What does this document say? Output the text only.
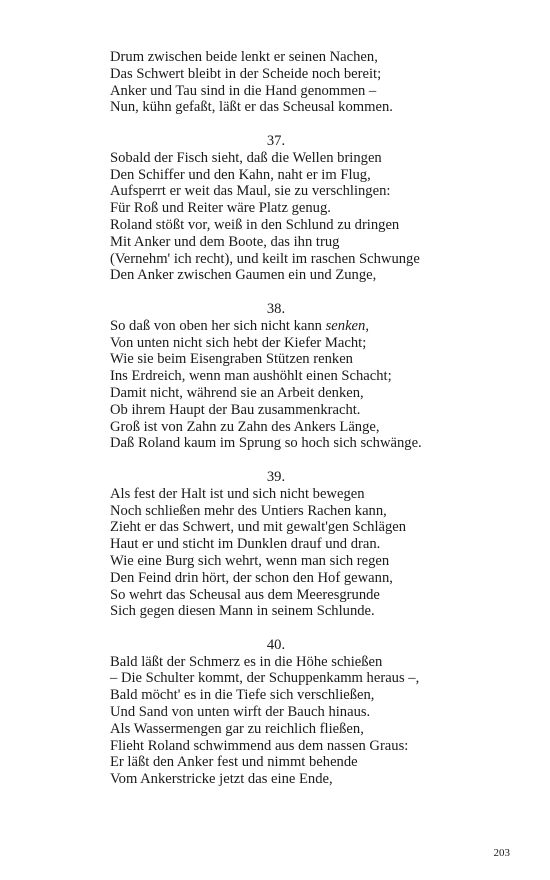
Drum zwischen beide lenkt er seinen Nachen,
Das Schwert bleibt in der Scheide noch bereit;
Anker und Tau sind in die Hand genommen –
Nun, kühn gefaßt, läßt er das Scheusal kommen.
37.
Sobald der Fisch sieht, daß die Wellen bringen
Den Schiffer und den Kahn, naht er im Flug,
Aufsperrt er weit das Maul, sie zu verschlingen:
Für Roß und Reiter wäre Platz genug.
Roland stößt vor, weiß in den Schlund zu dringen
Mit Anker und dem Boote, das ihn trug
(Vernehm' ich recht), und keilt im raschen Schwunge
Den Anker zwischen Gaumen ein und Zunge,
38.
So daß von oben her sich nicht kann senken,
Von unten nicht sich hebt der Kiefer Macht;
Wie sie beim Eisengraben Stützen renken
Ins Erdreich, wenn man aushöhlt einen Schacht;
Damit nicht, während sie an Arbeit denken,
Ob ihrem Haupt der Bau zusammenkracht.
Groß ist von Zahn zu Zahn des Ankers Länge,
Daß Roland kaum im Sprung so hoch sich schwänge.
39.
Als fest der Halt ist und sich nicht bewegen
Noch schließen mehr des Untiers Rachen kann,
Zieht er das Schwert, und mit gewalt'gen Schlägen
Haut er und sticht im Dunklen drauf und dran.
Wie eine Burg sich wehrt, wenn man sich regen
Den Feind drin hört, der schon den Hof gewann,
So wehrt das Scheusal aus dem Meeresgrunde
Sich gegen diesen Mann in seinem Schlunde.
40.
Bald läßt der Schmerz es in die Höhe schießen
– Die Schulter kommt, der Schuppenkamm heraus –,
Bald möcht' es in die Tiefe sich verschließen,
Und Sand von unten wirft der Bauch hinaus.
Als Wassermengen gar zu reichlich fließen,
Flieht Roland schwimmend aus dem nassen Graus:
Er läßt den Anker fest und nimmt behende
Vom Ankerstricke jetzt das eine Ende,
203
